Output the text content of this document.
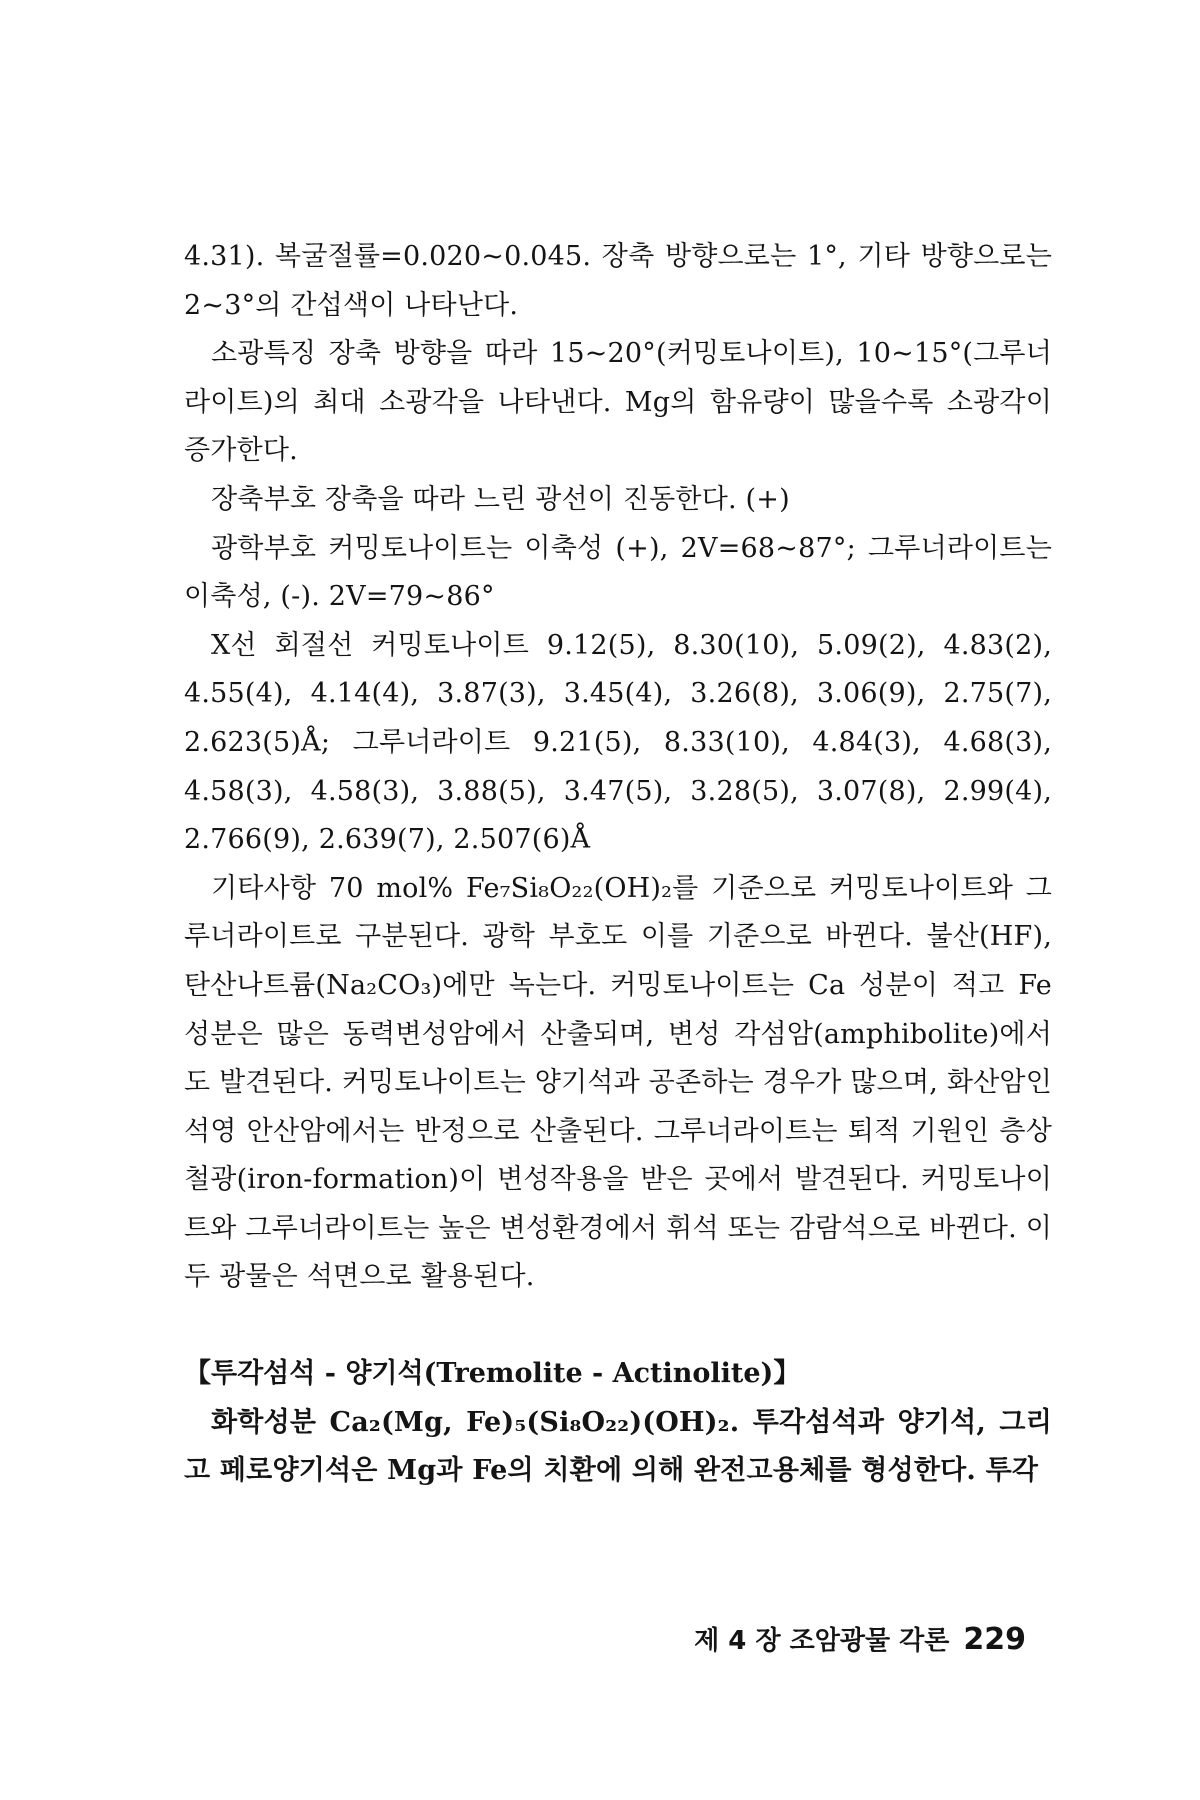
4.31). 복굴절률=0.020~0.045. 장축 방향으로는 1°, 기타 방향으로는 2~3°의 간섭색이 나타난다.

소광특징 장축 방향을 따라 15~20°(커밍토나이트), 10~15°(그루너라이트)의 최대 소광각을 나타낸다. Mg의 함유량이 많을수록 소광각이 증가한다.

장축부호 장축을 따라 느린 광선이 진동한다. (+)

광학부호 커밍토나이트는 이축성 (+), 2V=68~87°; 그루너라이트는 이축성, (-). 2V=79~86°

X선 회절선 커밍토나이트 9.12(5), 8.30(10), 5.09(2), 4.83(2), 4.55(4), 4.14(4), 3.87(3), 3.45(4), 3.26(8), 3.06(9), 2.75(7), 2.623(5)Å; 그루너라이트 9.21(5), 8.33(10), 4.84(3), 4.68(3), 4.58(3), 4.58(3), 3.88(5), 3.47(5), 3.28(5), 3.07(8), 2.99(4), 2.766(9), 2.639(7), 2.507(6)Å

기타사항 70 mol% Fe₇Si₈O₂₂(OH)₂를 기준으로 커밍토나이트와 그루너라이트로 구분된다. 광학 부호도 이를 기준으로 바뀐다. 불산(HF), 탄산나트륨(Na₂CO₃)에만 녹는다. 커밍토나이트는 Ca 성분이 적고 Fe 성분은 많은 동력변성암에서 산출되며, 변성 각섬암(amphibolite)에서도 발견된다. 커밍토나이트는 양기석과 공존하는 경우가 많으며, 화산암인 석영 안산암에서는 반정으로 산출된다. 그루너라이트는 퇴적 기원인 층상철광(iron-formation)이 변성작용을 받은 곳에서 발견된다. 커밍토나이트와 그루너라이트는 높은 변성환경에서 휘석 또는 감람석으로 바뀐다. 이 두 광물은 석면으로 활용된다.

【투각섬석 - 양기석(Tremolite - Actinolite)】

화학성분 Ca₂(Mg, Fe)₅(Si₈O₂₂)(OH)₂. 투각섬석과 양기석, 그리고 페로양기석은 Mg과 Fe의 치환에 의해 완전고용체를 형성한다. 투각

제 4 장 조암광물 각론 229
